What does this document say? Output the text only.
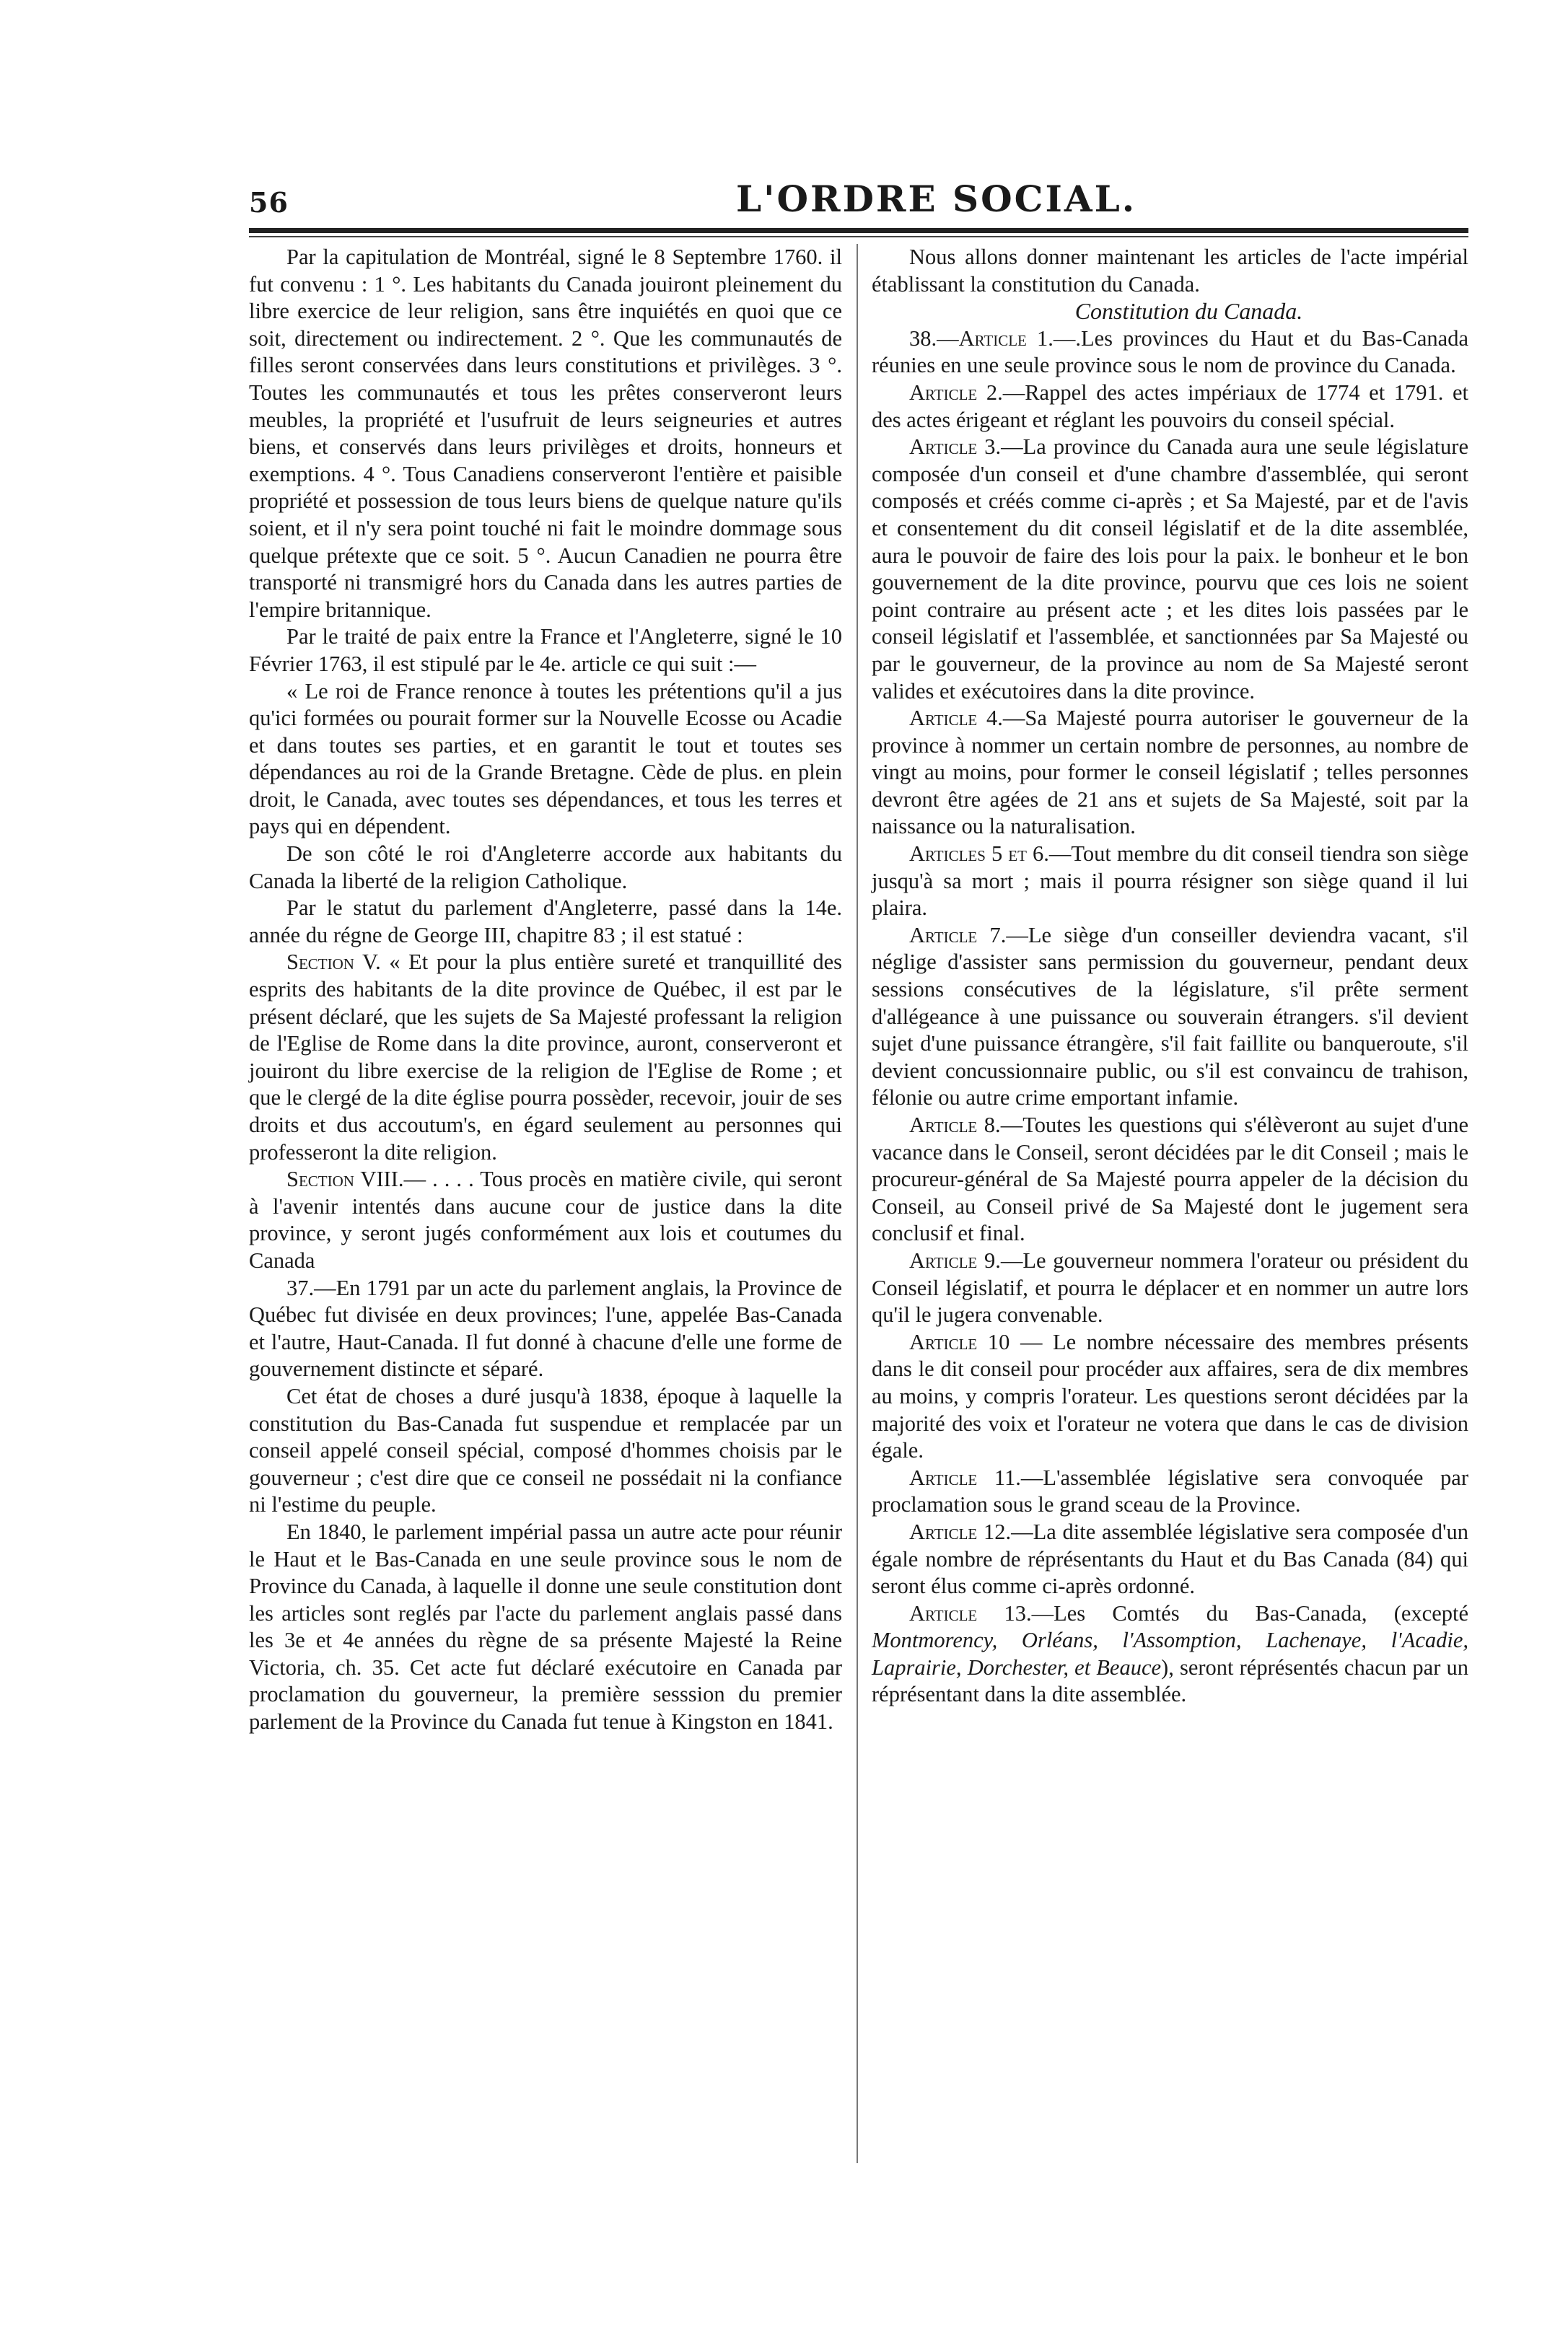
56	L'ORDRE SOCIAL.

Par la capitulation de Montréal, signé le 8 Septembre 1760. il fut convenu : 1 °. Les habitants du Canada jouiront pleinement du libre exercice de leur religion, sans être inquiétés en quoi que ce soit, directement ou indirectement. 2 °. Que les communautés de filles seront conservées dans leurs constitutions et privilèges. 3 °. Toutes les communautés et tous les prêtes conserveront leurs meubles, la propriété et l'usufruit de leurs seigneuries et autres biens, et conservés dans leurs privilèges et droits, honneurs et exemptions. 4 °. Tous Canadiens conserveront l'entière et paisible propriété et possession de tous leurs biens de quelque nature qu'ils soient, et il n'y sera point touché ni fait le moindre dommage sous quelque prétexte que ce soit. 5 °. Aucun Canadien ne pourra être transporté ni transmigré hors du Canada dans les autres parties de l'empire britannique.

Par le traité de paix entre la France et l'Angleterre, signé le 10 Février 1763, il est stipulé par le 4e. article ce qui suit :—

« Le roi de France renonce à toutes les prétentions qu'il a jus qu'ici formées ou pourait former sur la Nouvelle Ecosse ou Acadie et dans toutes ses parties, et en garantit le tout et toutes ses dépendances au roi de la Grande Bretagne. Cède de plus. en plein droit, le Canada, avec toutes ses dépendances, et tous les terres et pays qui en dépendent.

De son côté le roi d'Angleterre accorde aux habitants du Canada la liberté de la religion Catholique.

Par le statut du parlement d'Angleterre, passé dans la 14e. année du régne de George III, chapitre 83 ; il est statué :

Section V. « Et pour la plus entière sureté et tranquillité des esprits des habitants de la dite province de Québec, il est par le présent déclaré, que les sujets de Sa Majesté professant la religion de l'Eglise de Rome dans la dite province, auront, conserveront et jouiront du libre exercise de la religion de l'Eglise de Rome ; et que le clergé de la dite église pourra possèder, recevoir, jouir de ses droits et dus accoutum's, en égard seulement au personnes qui professeront la dite religion.

Section VIII.— . . . . Tous procès en matière civile, qui seront à l'avenir intentés dans aucune cour de justice dans la dite province, y seront jugés conformément aux lois et coutumes du Canada

37.—En 1791 par un acte du parlement anglais, la Province de Québec fut divisée en deux provinces; l'une, appelée Bas-Canada et l'autre, Haut-Canada. Il fut donné à chacune d'elle une forme de gouvernement distincte et séparé.

Cet état de choses a duré jusqu'à 1838, époque à laquelle la constitution du Bas-Canada fut suspendue et remplacée par un conseil appelé conseil spécial, composé d'hommes choisis par le gouverneur ; c'est dire que ce conseil ne possédait ni la confiance ni l'estime du peuple.

En 1840, le parlement impérial passa un autre acte pour réunir le Haut et le Bas-Canada en une seule province sous le nom de Province du Canada, à laquelle il donne une seule constitution dont les articles sont reglés par l'acte du parlement anglais passé dans les 3e et 4e années du règne de sa présente Majesté la Reine Victoria, ch. 35. Cet acte fut déclaré exécutoire en Canada par proclamation du gouverneur, la première sesssion du premier parlement de la Province du Canada fut tenue à Kingston en 1841.

Nous allons donner maintenant les articles de l'acte impérial établissant la constitution du Canada.

Constitution du Canada.

38.—Article 1.—.Les provinces du Haut et du Bas-Canada réunies en une seule province sous le nom de province du Canada.

Article 2.—Rappel des actes impériaux de 1774 et 1791. et des actes érigeant et réglant les pouvoirs du conseil spécial.

Article 3.—La province du Canada aura une seule législature composée d'un conseil et d'une chambre d'assemblée, qui seront composés et créés comme ci-après ; et Sa Majesté, par et de l'avis et consentement du dit conseil législatif et de la dite assemblée, aura le pouvoir de faire des lois pour la paix. le bonheur et le bon gouvernement de la dite province, pourvu que ces lois ne soient point contraire au présent acte ; et les dites lois passées par le conseil législatif et l'assemblée, et sanctionnées par Sa Majesté ou par le gouverneur, de la province au nom de Sa Majesté seront valides et exécutoires dans la dite province.

Article 4.—Sa Majesté pourra autoriser le gouverneur de la province à nommer un certain nombre de personnes, au nombre de vingt au moins, pour former le conseil législatif ; telles personnes devront être agées de 21 ans et sujets de Sa Majesté, soit par la naissance ou la naturalisation.

Articles 5 et 6.—Tout membre du dit conseil tiendra son siège jusqu'à sa mort ; mais il pourra résigner son siège quand il lui plaira.

Article 7.—Le siège d'un conseiller deviendra vacant, s'il néglige d'assister sans permission du gouverneur, pendant deux sessions consécutives de la législature, s'il prête serment d'allégeance à une puissance ou souverain étrangers. s'il devient sujet d'une puissance étrangère, s'il fait faillite ou banqueroute, s'il devient concussionnaire public, ou s'il est convaincu de trahison, félonie ou autre crime emportant infamie.

Article 8.—Toutes les questions qui s'élèveront au sujet d'une vacance dans le Conseil, seront décidées par le dit Conseil ; mais le procureur-général de Sa Majesté pourra appeler de la décision du Conseil, au Conseil privé de Sa Majesté dont le jugement sera conclusif et final.

Article 9.—Le gouverneur nommera l'orateur ou président du Conseil législatif, et pourra le déplacer et en nommer un autre lors qu'il le jugera convenable.

Article 10 — Le nombre nécessaire des membres présents dans le dit conseil pour procéder aux affaires, sera de dix membres au moins, y compris l'orateur. Les questions seront décidées par la majorité des voix et l'orateur ne votera que dans le cas de division égale.

Article 11.—L'assemblée législative sera convoquée par proclamation sous le grand sceau de la Province.

Article 12.—La dite assemblée législative sera composée d'un égale nombre de réprésentants du Haut et du Bas Canada (84) qui seront élus comme ci-après ordonné.

Article 13.—Les Comtés du Bas-Canada, (excepté Montmorency, Orléans, l'Assomption, Lachenaye, l'Acadie, Laprairie, Dorchester, et Beauce), seront réprésentés chacun par un réprésentant dans la dite assemblée.
